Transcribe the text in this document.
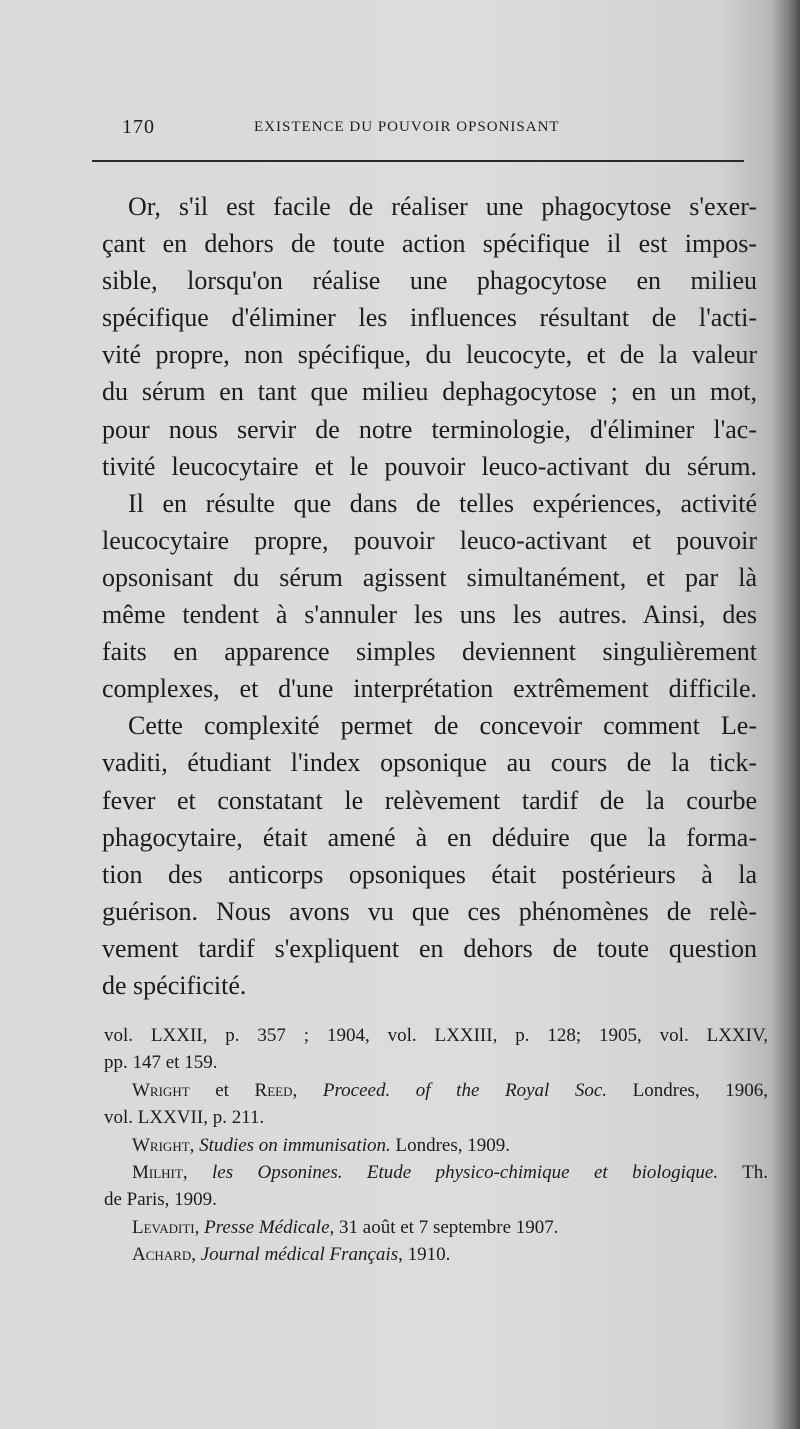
170	EXISTENCE DU POUVOIR OPSONISANT
Or, s'il est facile de réaliser une phagocytose s'exer-
çant en dehors de toute action spécifique il est impos-
sible, lorsqu'on réalise une phagocytose en milieu
spécifique d'éliminer les influences résultant de l'acti-
vité propre, non spécifique, du leucocyte, et de la valeur
du sérum en tant que milieu dephagocytose ; en un mot,
pour nous servir de notre terminologie, d'éliminer l'ac-
tivité leucocytaire et le pouvoir leuco-activant du sérum.
Il en résulte que dans de telles expériences, activité
leucocytaire propre, pouvoir leuco-activant et pouvoir
opsonisant du sérum agissent simultanément, et par là
même tendent à s'annuler les uns les autres. Ainsi, des
faits en apparence simples deviennent singulièrement
complexes, et d'une interprétation extrêmement difficile.
Cette complexité permet de concevoir comment Le-
vaditi, étudiant l'index opsonique au cours de la tick-
fever et constatant le relèvement tardif de la courbe
phagocytaire, était amené à en déduire que la forma-
tion des anticorps opsoniques était postérieurs à la
guérison. Nous avons vu que ces phénomènes de relè-
vement tardif s'expliquent en dehors de toute question
de spécificité.
vol. LXXII, p. 357 ; 1904, vol. LXXIII, p. 128; 1905, vol. LXXIV,
pp. 147 et 159.
Wright et Reed, Proceed. of the Royal Soc. Londres, 1906,
vol. LXXVII, p. 211.
Wright, Studies on immunisation. Londres, 1909.
Milhit, les Opsonines. Etude physico-chimique et biologique. Th.
de Paris, 1909.
Levaditi, Presse Médicale, 31 août et 7 septembre 1907.
Achard, Journal médical Français, 1910.
